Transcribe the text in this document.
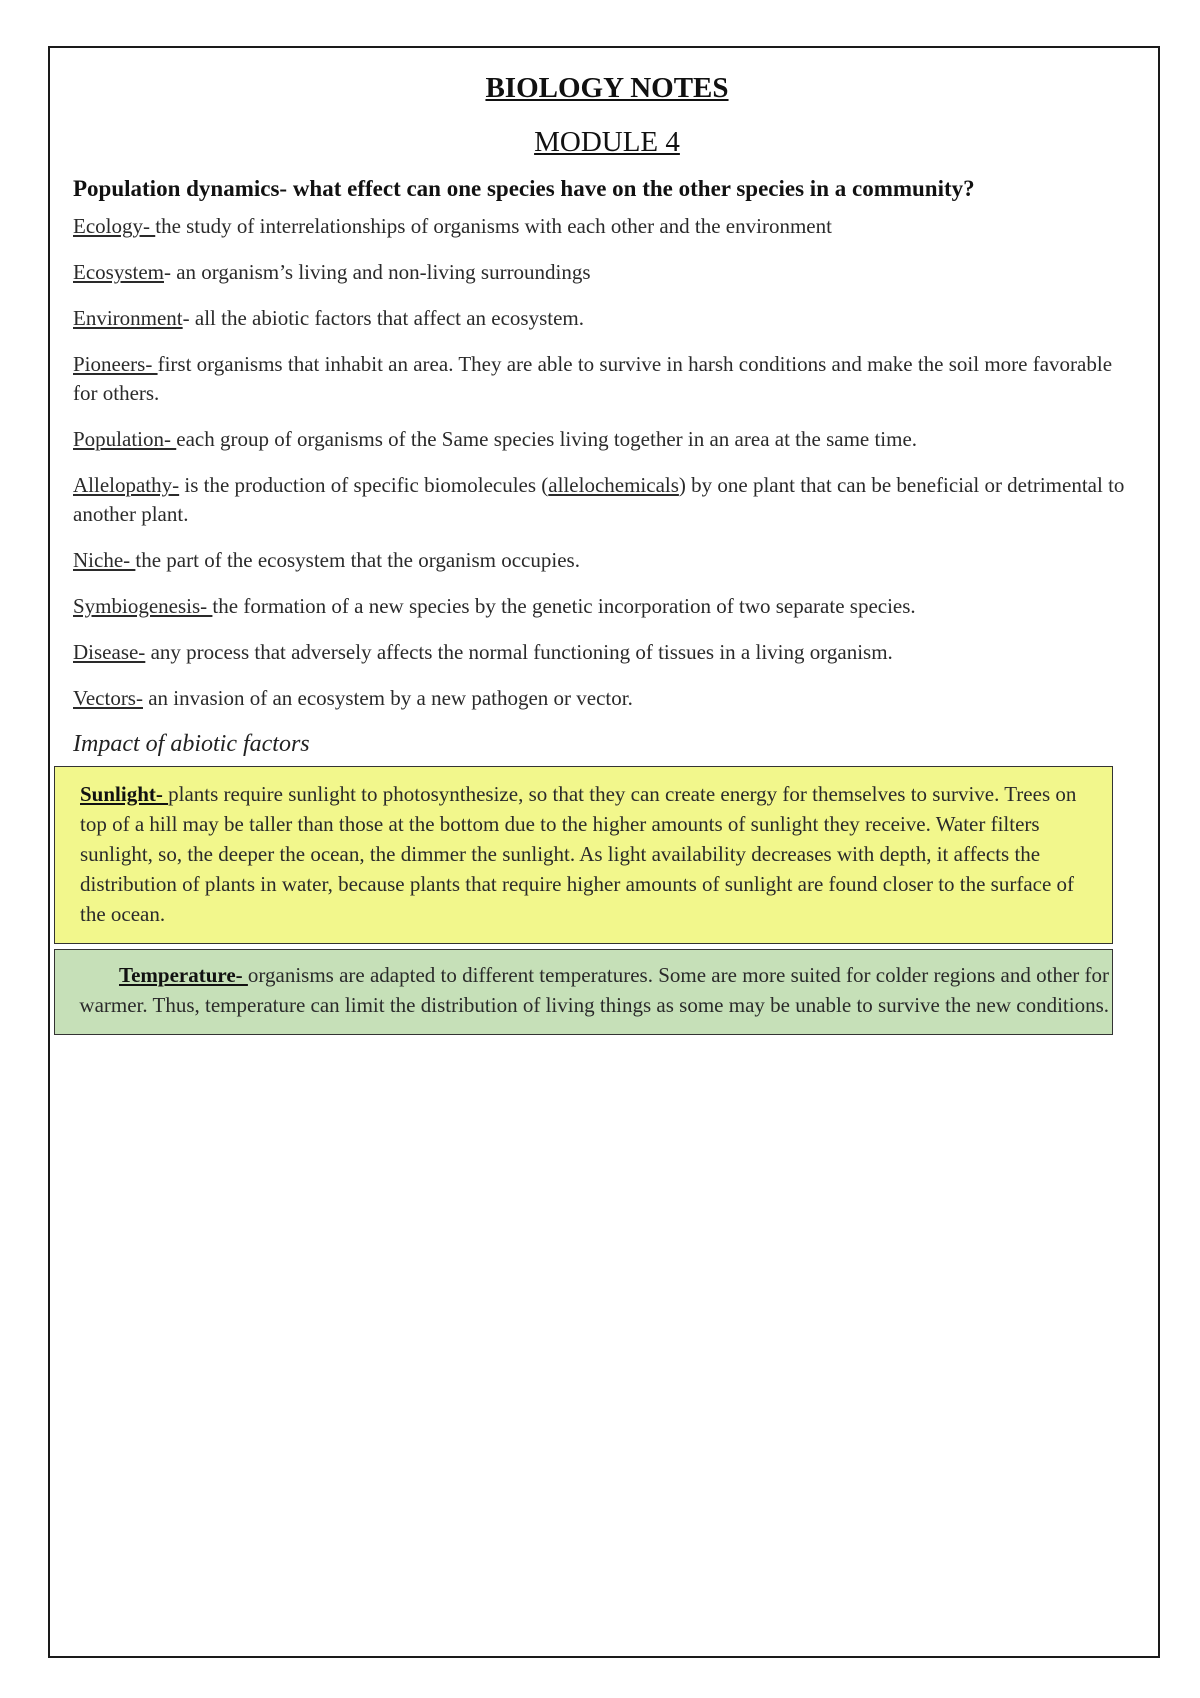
BIOLOGY NOTES
MODULE 4

Population dynamics- what effect can one species have on the other species in a community?

Ecology- the study of interrelationships of organisms with each other and the environment
Ecosystem- an organism’s living and non-living surroundings
Environment- all the abiotic factors that affect an ecosystem.
Pioneers- first organisms that inhabit an area. They are able to survive in harsh conditions and make the soil more favorable for others.
Population- each group of organisms of the Same species living together in an area at the same time.
Allelopathy- is the production of specific biomolecules (allelochemicals) by one plant that can be beneficial or detrimental to another plant.
Niche- the part of the ecosystem that the organism occupies.
Symbiogenesis- the formation of a new species by the genetic incorporation of two separate species.
Disease- any process that adversely affects the normal functioning of tissues in a living organism.
Vectors- an invasion of an ecosystem by a new pathogen or vector.

Impact of abiotic factors

Sunlight- plants require sunlight to photosynthesize, so that they can create energy for themselves to survive. Trees on top of a hill may be taller than those at the bottom due to the higher amounts of sunlight they receive. Water filters sunlight, so, the deeper the ocean, the dimmer the sunlight. As light availability decreases with depth, it affects the distribution of plants in water, because plants that require higher amounts of sunlight are found closer to the surface of the ocean.
Temperature- organisms are adapted to different temperatures. Some are more suited for colder regions and other for warmer. Thus, temperature can limit the distribution of living things as some may be unable to survive the new conditions.
